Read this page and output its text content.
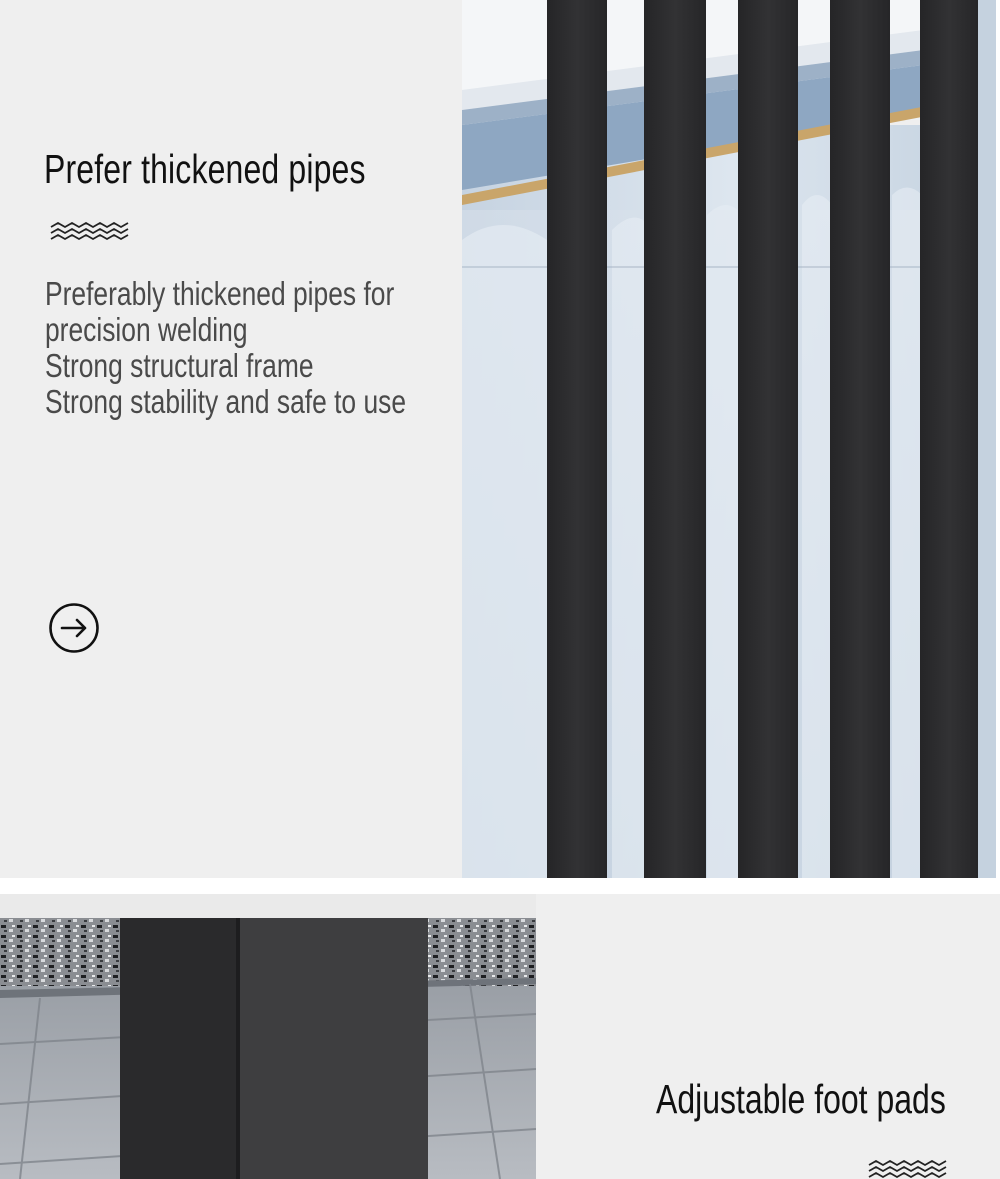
Prefer thickened pipes
Preferably thickened pipes for
precision welding
Strong structural frame
Strong stability and safe to use
Adjustable foot pads
